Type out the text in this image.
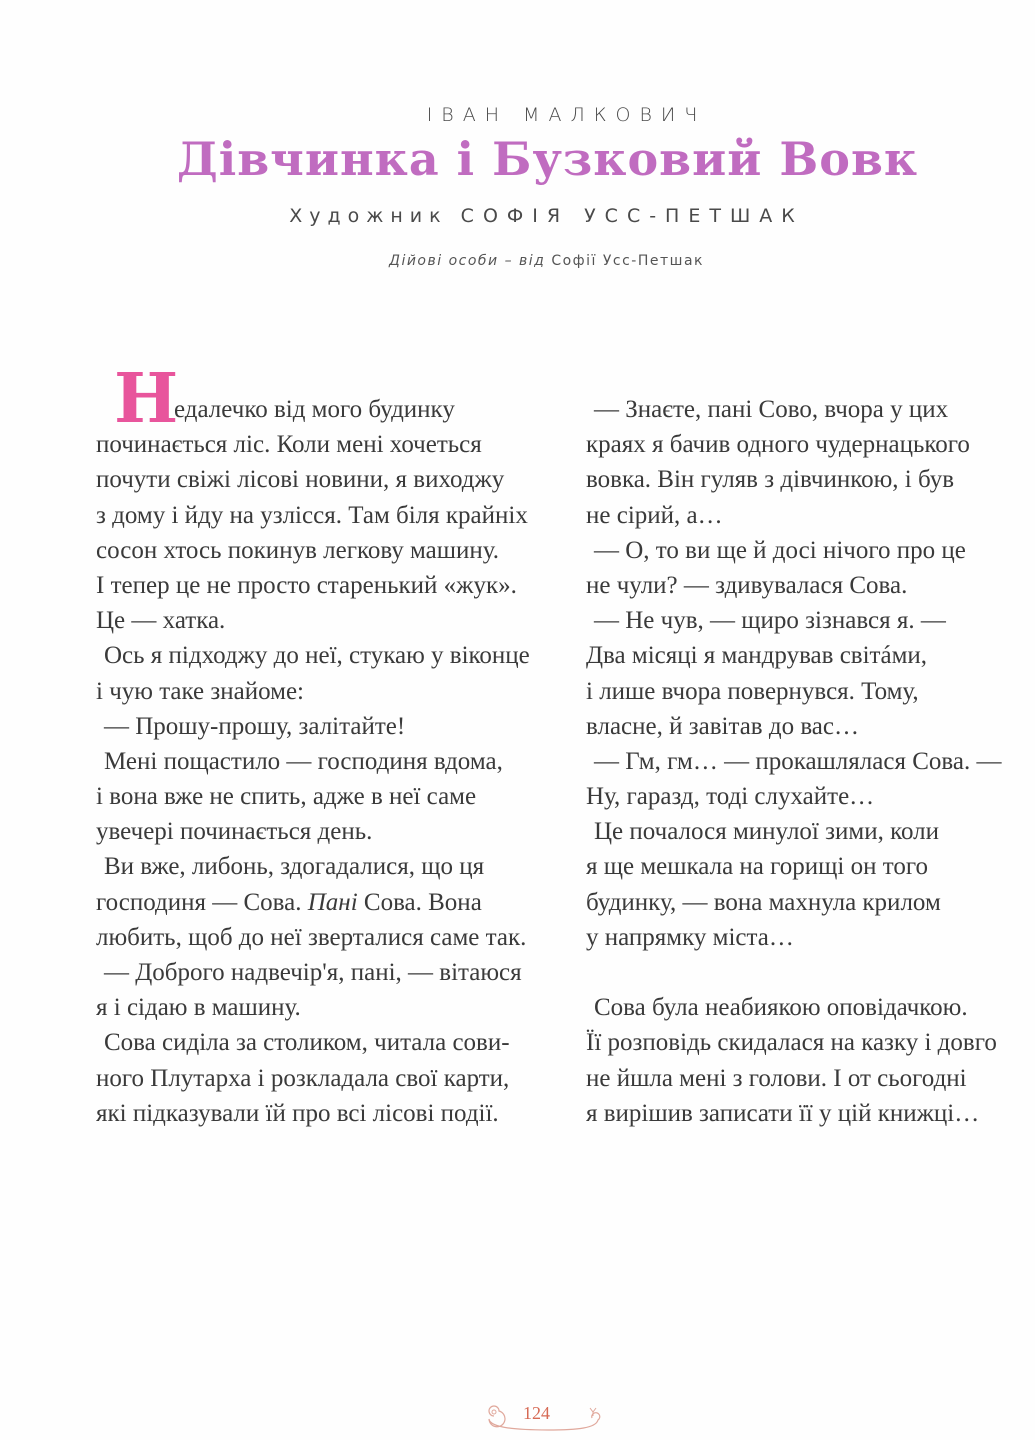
ІВАН МАЛКОВИЧ
Дівчинка і Бузковий Вовк
Художник СОФІЯ УСС-ПЕТШАК
Дійові особи – від Софії Усс-Петшак
Н
едалечко від мого будинку
починається ліс. Коли мені хочеться
почути свіжі лісові новини, я виходжу
з дому і йду на узлісся. Там біля крайніх
сосон хтось покинув легкову машину.
І тепер це не просто старенький «жук».
Це — хатка.
Ось я підходжу до неї, стукаю у віконце
і чую таке знайоме:
— Прошу-прошу, залітайте!
Мені пощастило — господиня вдома,
і вона вже не спить, адже в неї саме
увечері починається день.
Ви вже, либонь, здогадалися, що ця
господиня — Сова. Пані Сова. Вона
любить, щоб до неї зверталися саме так.
— Доброго надвечір'я, пані, — вітаюся
я і сідаю в машину.
Сова сиділа за столиком, читала сови-
ного Плутарха і розкладала свої карти,
які підказували їй про всі лісові події.
— Знаєте, пані Сово, вчора у цих
краях я бачив одного чудернацького
вовка. Він гуляв з дівчинкою, і був
не сірий, а…
— О, то ви ще й досі нічого про це
не чули? — здивувалася Сова.
— Не чув, — щиро зізнався я. —
Два місяці я мандрував світáми,
і лише вчора повернувся. Тому,
власне, й завітав до вас…
— Гм, гм… — прокашлялася Сова. —
Ну, гаразд, тоді слухайте…
Це почалося минулої зими, коли
я ще мешкала на горищі он того
будинку, — вона махнула крилом
у напрямку міста…
Сова була неабиякою оповідачкою.
Її розповідь скидалася на казку і довго
не йшла мені з голови. І от сьогодні
я вирішив записати її у цій книжці…
124
